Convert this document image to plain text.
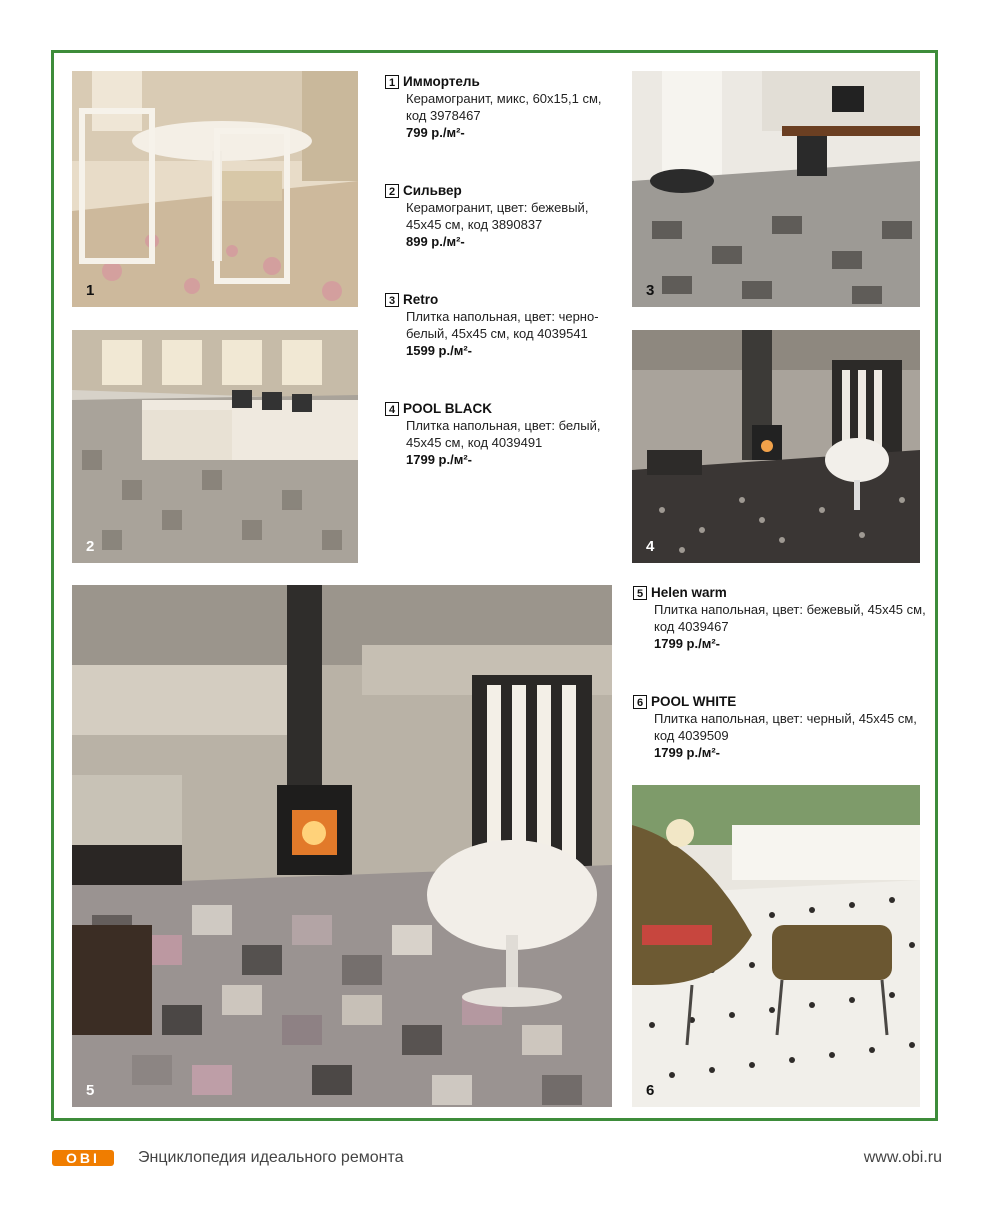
1
2
3
4
5	6
1 Иммортель
Керамогранит, микс, 60х15,1 см,
код 3978467
799 р./м²-
2 Сильвер
Керамогранит, цвет: бежевый,
45х45 см, код 3890837
899 р./м²-
3 Retro
Плитка напольная, цвет: черно-
белый, 45х45 см, код 4039541
1599 р./м²-
4 POOL BLACK
Плитка напольная, цвет: белый,
45х45 см, код 4039491
1799 р./м²-
5 Helen warm
Плитка напольная, цвет: бежевый, 45х45 см,
код 4039467
1799 р./м²-
6 POOL WHITE
Плитка напольная, цвет: черный, 45х45 см,
код 4039509
1799 р./м²-
OBI Энциклопедия идеального ремонта	www.obi.ru
